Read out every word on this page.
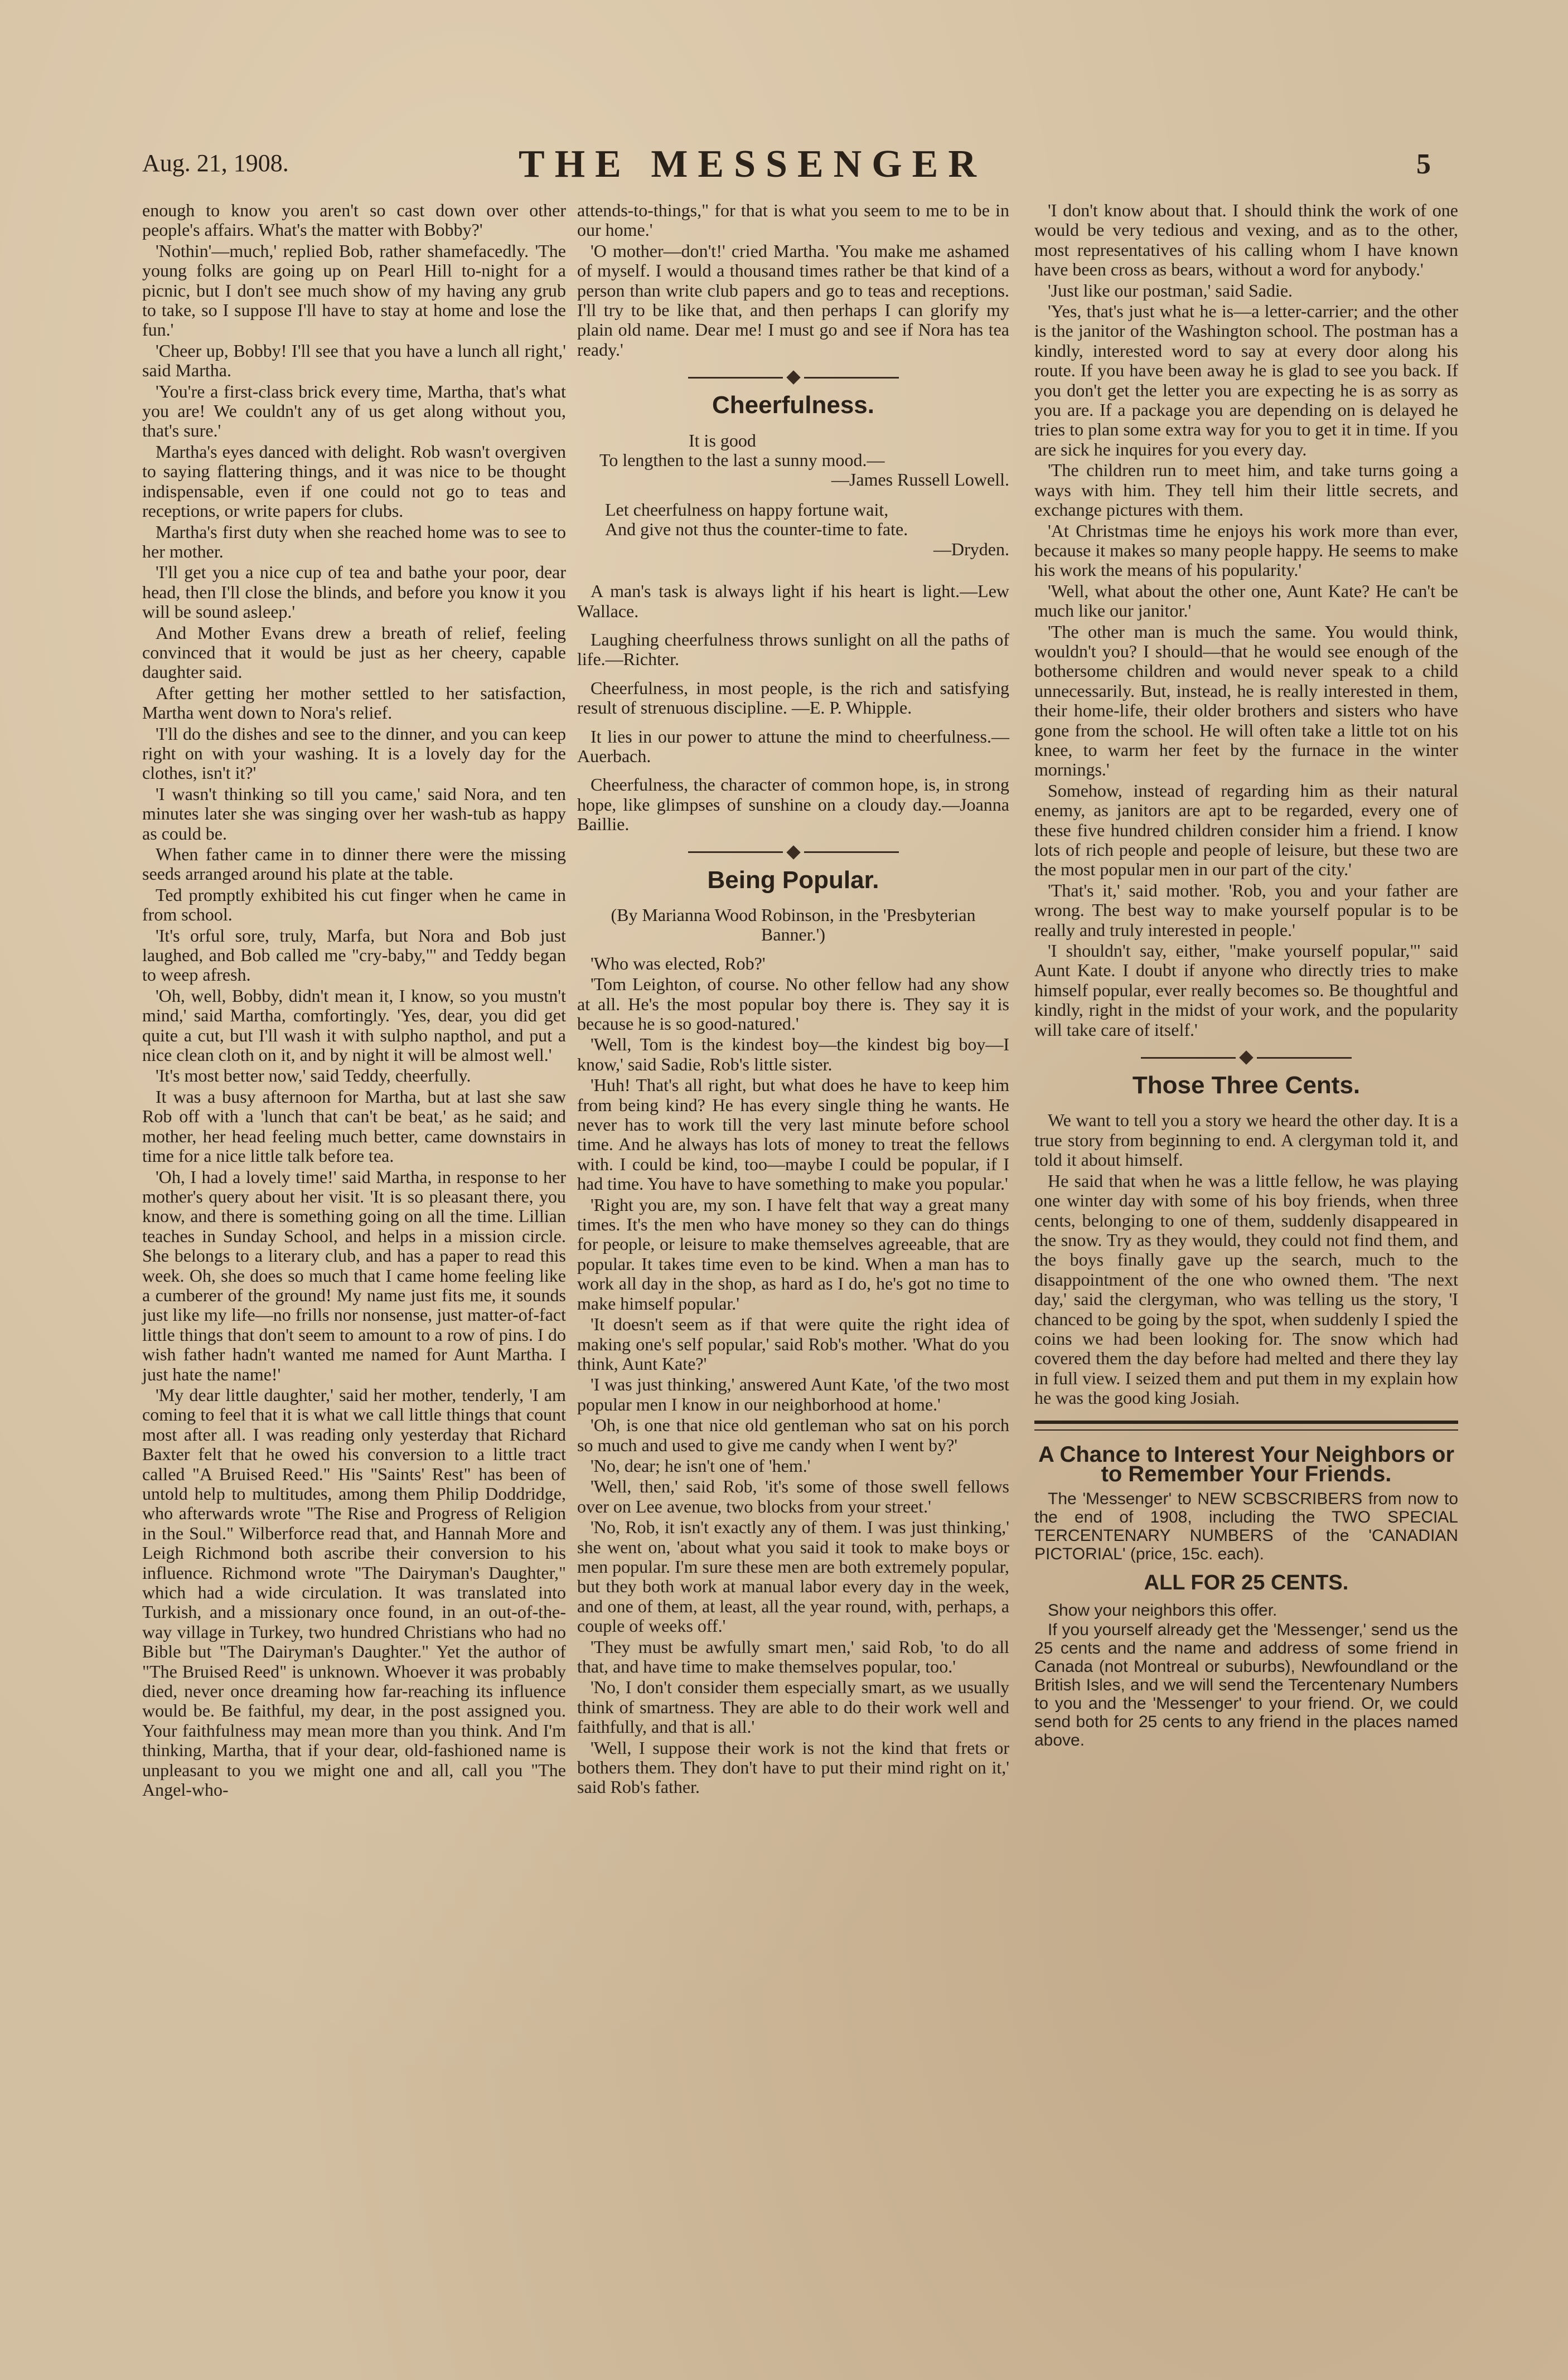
Aug. 21, 1908.	THE MESSENGER	5

enough to know you aren't so cast down over other people's affairs. What's the matter with Bobby?'

'Nothin'—much,' replied Bob, rather shamefacedly. 'The young folks are going up on Pearl Hill to-night for a picnic, but I don't see much show of my having any grub to take, so I suppose I'll have to stay at home and lose the fun.'

'Cheer up, Bobby! I'll see that you have a lunch all right,' said Martha.

'You're a first-class brick every time, Martha, that's what you are! We couldn't any of us get along without you, that's sure.'

Martha's eyes danced with delight. Rob wasn't overgiven to saying flattering things, and it was nice to be thought indispensable, even if one could not go to teas and receptions, or write papers for clubs.

Martha's first duty when she reached home was to see to her mother.

'I'll get you a nice cup of tea and bathe your poor, dear head, then I'll close the blinds, and before you know it you will be sound asleep.'

And Mother Evans drew a breath of relief, feeling convinced that it would be just as her cheery, capable daughter said.

After getting her mother settled to her satisfaction, Martha went down to Nora's relief.

'I'll do the dishes and see to the dinner, and you can keep right on with your washing. It is a lovely day for the clothes, isn't it?'

'I wasn't thinking so till you came,' said Nora, and ten minutes later she was singing over her wash-tub as happy as could be.

When father came in to dinner there were the missing seeds arranged around his plate at the table.

Ted promptly exhibited his cut finger when he came in from school.

'It's orful sore, truly, Marfa, but Nora and Bob just laughed, and Bob called me "cry-baby,"' and Teddy began to weep afresh.

'Oh, well, Bobby, didn't mean it, I know, so you mustn't mind,' said Martha, comfortingly. 'Yes, dear, you did get quite a cut, but I'll wash it with sulpho napthol, and put a nice clean cloth on it, and by night it will be almost well.'

'It's most better now,' said Teddy, cheerfully.

It was a busy afternoon for Martha, but at last she saw Rob off with a 'lunch that can't be beat,' as he said; and mother, her head feeling much better, came downstairs in time for a nice little talk before tea.

'Oh, I had a lovely time!' said Martha, in response to her mother's query about her visit. 'It is so pleasant there, you know, and there is something going on all the time. Lillian teaches in Sunday School, and helps in a mission circle. She belongs to a literary club, and has a paper to read this week. Oh, she does so much that I came home feeling like a cumberer of the ground! My name just fits me, it sounds just like my life—no frills nor nonsense, just matter-of-fact little things that don't seem to amount to a row of pins. I do wish father hadn't wanted me named for Aunt Martha. I just hate the name!'

'My dear little daughter,' said her mother, tenderly, 'I am coming to feel that it is what we call little things that count most after all. I was reading only yesterday that Richard Baxter felt that he owed his conversion to a little tract called "A Bruised Reed." His "Saints' Rest" has been of untold help to multitudes, among them Philip Doddridge, who afterwards wrote "The Rise and Progress of Religion in the Soul." Wilberforce read that, and Hannah More and Leigh Richmond both ascribe their conversion to his influence. Richmond wrote "The Dairyman's Daughter," which had a wide circulation. It was translated into Turkish, and a missionary once found, in an out-of-the-way village in Turkey, two hundred Christians who had no Bible but "The Dairyman's Daughter." Yet the author of "The Bruised Reed" is unknown. Whoever it was probably died, never once dreaming how far-reaching its influence would be. Be faithful, my dear, in the post assigned you. Your faithfulness may mean more than you think. And I'm thinking, Martha, that if your dear, old-fashioned name is unpleasant to you we might one and all, call you "The Angel-who-

attends-to-things," for that is what you seem to me to be in our home.'

'O mother—don't!' cried Martha. 'You make me ashamed of myself. I would a thousand times rather be that kind of a person than write club papers and go to teas and receptions. I'll try to be like that, and then perhaps I can glorify my plain old name. Dear me! I must go and see if Nora has tea ready.'

Cheerfulness.
It is good
To lengthen to the last a sunny mood.—
—James Russell Lowell.
Let cheerfulness on happy fortune wait,
And give not thus the counter-time to fate.
—Dryden.

A man's task is always light if his heart is light.—Lew Wallace.

Laughing cheerfulness throws sunlight on all the paths of life.—Richter.

Cheerfulness, in most people, is the rich and satisfying result of strenuous discipline. —E. P. Whipple.

It lies in our power to attune the mind to cheerfulness.—Auerbach.

Cheerfulness, the character of common hope, is, in strong hope, like glimpses of sunshine on a cloudy day.—Joanna Baillie.

Being Popular.

(By Marianna Wood Robinson, in the 'Presbyterian Banner.')

'Who was elected, Rob?'

'Tom Leighton, of course. No other fellow had any show at all. He's the most popular boy there is. They say it is because he is so good-natured.'

'Well, Tom is the kindest boy—the kindest big boy—I know,' said Sadie, Rob's little sister.

'Huh! That's all right, but what does he have to keep him from being kind? He has every single thing he wants. He never has to work till the very last minute before school time. And he always has lots of money to treat the fellows with. I could be kind, too—maybe I could be popular, if I had time. You have to have something to make you popular.'

'Right you are, my son. I have felt that way a great many times. It's the men who have money so they can do things for people, or leisure to make themselves agreeable, that are popular. It takes time even to be kind. When a man has to work all day in the shop, as hard as I do, he's got no time to make himself popular.'

'It doesn't seem as if that were quite the right idea of making one's self popular,' said Rob's mother. 'What do you think, Aunt Kate?'

'I was just thinking,' answered Aunt Kate, 'of the two most popular men I know in our neighborhood at home.'

'Oh, is one that nice old gentleman who sat on his porch so much and used to give me candy when I went by?'

'No, dear; he isn't one of 'hem.'

'Well, then,' said Rob, 'it's some of those swell fellows over on Lee avenue, two blocks from your street.'

'No, Rob, it isn't exactly any of them. I was just thinking,' she went on, 'about what you said it took to make boys or men popular. I'm sure these men are both extremely popular, but they both work at manual labor every day in the week, and one of them, at least, all the year round, with, perhaps, a couple of weeks off.'

'They must be awfully smart men,' said Rob, 'to do all that, and have time to make themselves popular, too.'

'No, I don't consider them especially smart, as we usually think of smartness. They are able to do their work well and faithfully, and that is all.'

'Well, I suppose their work is not the kind that frets or bothers them. They don't have to put their mind right on it,' said Rob's father.

'I don't know about that. I should think the work of one would be very tedious and vexing, and as to the other, most representatives of his calling whom I have known have been cross as bears, without a word for anybody.'

'Just like our postman,' said Sadie.

'Yes, that's just what he is—a letter-carrier; and the other is the janitor of the Washington school. The postman has a kindly, interested word to say at every door along his route. If you have been away he is glad to see you back. If you don't get the letter you are expecting he is as sorry as you are. If a package you are depending on is delayed he tries to plan some extra way for you to get it in time. If you are sick he inquires for you every day.

'The children run to meet him, and take turns going a ways with him. They tell him their little secrets, and exchange pictures with them.

'At Christmas time he enjoys his work more than ever, because it makes so many people happy. He seems to make his work the means of his popularity.'

'Well, what about the other one, Aunt Kate? He can't be much like our janitor.'

'The other man is much the same. You would think, wouldn't you? I should—that he would see enough of the bothersome children and would never speak to a child unnecessarily. But, instead, he is really interested in them, their home-life, their older brothers and sisters who have gone from the school. He will often take a little tot on his knee, to warm her feet by the furnace in the winter mornings.'

Somehow, instead of regarding him as their natural enemy, as janitors are apt to be regarded, every one of these five hundred children consider him a friend. I know lots of rich people and people of leisure, but these two are the most popular men in our part of the city.'

'That's it,' said mother. 'Rob, you and your father are wrong. The best way to make yourself popular is to be really and truly interested in people.'

'I shouldn't say, either, "make yourself popular,"' said Aunt Kate. I doubt if anyone who directly tries to make himself popular, ever really becomes so. Be thoughtful and kindly, right in the midst of your work, and the popularity will take care of itself.'

Those Three Cents.

We want to tell you a story we heard the other day. It is a true story from beginning to end. A clergyman told it, and told it about himself.

He said that when he was a little fellow, he was playing one winter day with some of his boy friends, when three cents, belonging to one of them, suddenly disappeared in the snow. Try as they would, they could not find them, and the boys finally gave up the search, much to the disappointment of the one who owned them. 'The next day,' said the clergyman, who was telling us the story, 'I chanced to be going by the spot, when suddenly I spied the coins we had been looking for. The snow which had covered them the day before had melted and there they lay in full view. I seized them and put them in my explain how he was the good king Josiah.

A Chance to Interest Your Neighbors or to Remember Your Friends.

The 'Messenger' to NEW SCBSCRIBERS from now to the end of 1908, including the TWO SPECIAL TERCENTENARY NUMBERS of the 'CANADIAN PICTORIAL' (price, 15c. each).

ALL FOR 25 CENTS.

Show your neighbors this offer.

If you yourself already get the 'Messenger,' send us the 25 cents and the name and address of some friend in Canada (not Montreal or suburbs), Newfoundland or the British Isles, and we will send the Tercentenary Numbers to you and the 'Messenger' to your friend. Or, we could send both for 25 cents to any friend in the places named above.
